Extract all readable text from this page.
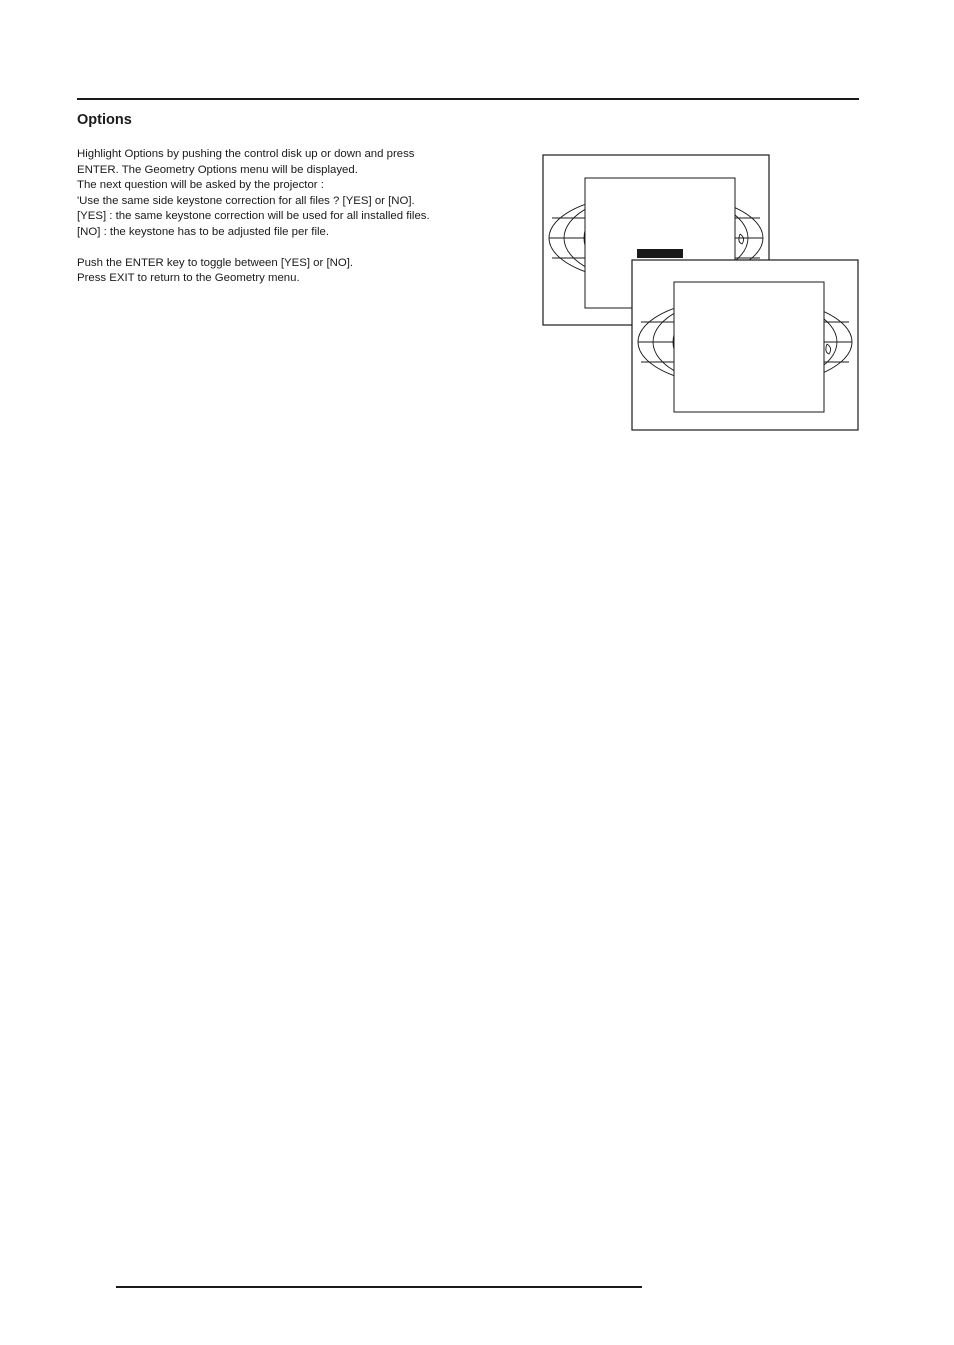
Options
Highlight Options by pushing the control disk up or down and press
ENTER. The Geometry Options menu will be displayed.
The next question will be asked by the projector :
'Use the same side keystone correction for all files ? [YES] or [NO].
[YES] : the same keystone correction will be used for all installed files.
[NO] : the keystone has to be adjusted file per file.
Push the ENTER key to toggle between [YES] or [NO].
Press EXIT to return to the Geometry menu.
